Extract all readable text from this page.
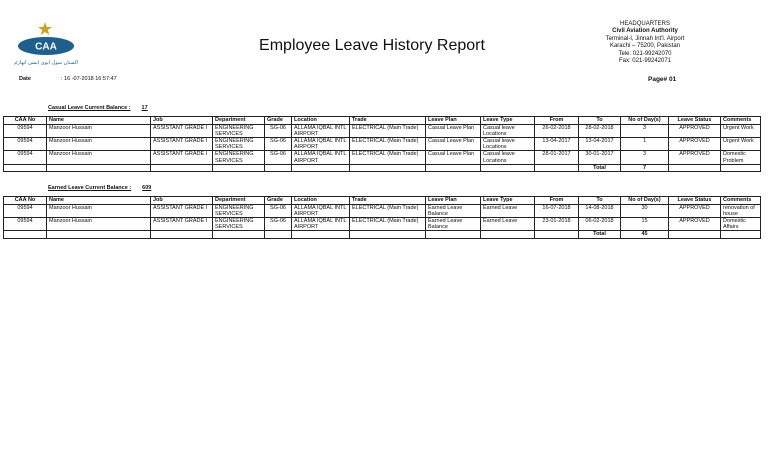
CAA
پاکستان سول ایوی ایشن اتھارٹی
Employee Leave History Report
HEADQUARTERS
Civil Aviation Authority
Terminal-I, Jinnah Int'l. Airport
Karachi – 75200, Pakistan
Tele: 021-99242070
Fax: 021-99242071
Page# 01
Date	: 16 -07-2018 16:57:47
Casual Leave Current Balance : 17
CAA No	Name	Job	Department	Grade	Location	Trade	Leave Plan	Leave Type	From	To	No of Day(s)	Leave Status	Comments
09594	Manzoor Hussain	ASSISTANT GRADE I	ENGINEERING SERVICES	SG-06	ALLAMA IQBAL INTL AIRPORT	ELECTRICAL (Main Trade)	Casual Leave Plan	Casual leave Locations	26-02-2018	28-02-2018	3	APPROVED	Urgent Work
09594	Manzoor Hussain	ASSISTANT GRADE I	ENGINEERING SERVICES	SG-06	ALLAMA IQBAL INTL AIRPORT	ELECTRICAL (Main Trade)	Casual Leave Plan	Casual leave Locations	13-04-2017	13-04-2017	1	APPROVED	Urgent Work
09594	Manzoor Hussain	ASSISTANT GRADE I	ENGINEERING SERVICES	SG-06	ALLAMA IQBAL INTL AIRPORT	ELECTRICAL (Main Trade)	Casual Leave Plan	Casual leave Locations	28-01-2017	30-01-2017	3	APPROVED	Domestic Problem
										Total	7		
Earned Leave Current Balance : 609
CAA No	Name	Job	Department	Grade	Location	Trade	Leave Plan	Leave Type	From	To	No of Day(s)	Leave Status	Comments
09594	Manzoor Hussain	ASSISTANT GRADE I	ENGINEERING SERVICES	SG-06	ALLAMA IQBAL INTL AIRPORT	ELECTRICAL (Main Trade)	Earned Leave Balance	Earned Leave	16-07-2018	14-08-2018	30	APPROVED	renovation of house
09594	Manzoor Hussain	ASSISTANT GRADE I	ENGINEERING SERVICES	SG-06	ALLAMA IQBAL INTL AIRPORT	ELECTRICAL (Main Trade)	Earned Leave Balance	Earned Leave	23-01-2018	06-02-2018	15	APPROVED	Domestic Affairs
										Total	45		
